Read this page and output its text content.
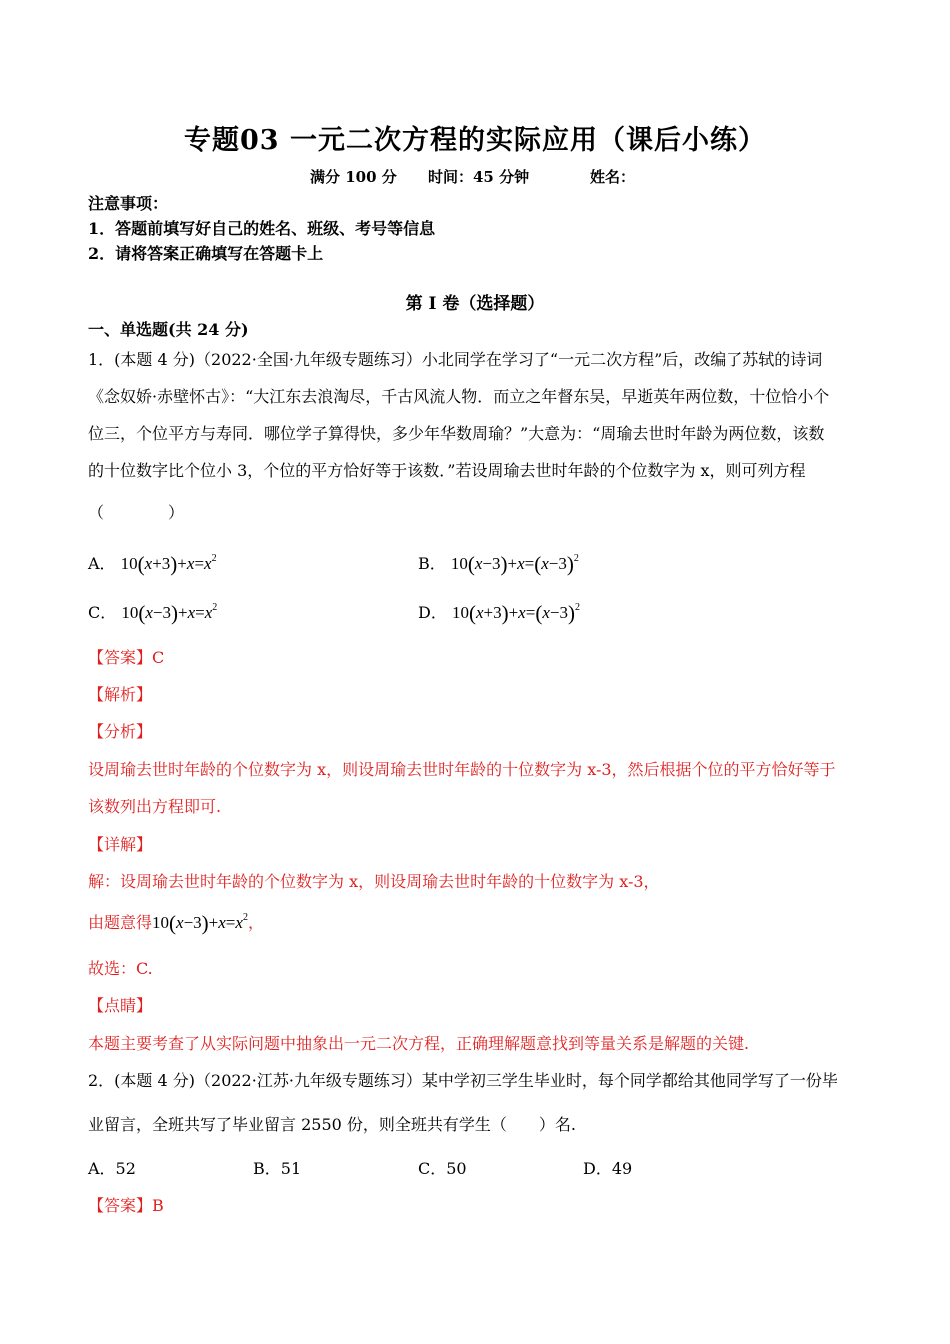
专题03 一元二次方程的实际应用（课后小练）
满分 100 分 时间：45 分钟	姓名：
注意事项：
1．答题前填写好自己的姓名、班级、考号等信息
2．请将答案正确填写在答题卡上
第 I 卷（选择题）
一、单选题(共 24 分)
1．(本题 4 分)（2022·全国·九年级专题练习）小北同学在学习了“一元二次方程”后，改编了苏轼的诗词
《念奴娇·赤壁怀古》：“大江东去浪淘尽，千古风流人物．而立之年督东吴，早逝英年两位数，十位恰小个
位三，个位平方与寿同．哪位学子算得快，多少年华数周瑜？”大意为：“周瑜去世时年龄为两位数，该数
的十位数字比个位小 3，个位的平方恰好等于该数．”若设周瑜去世时年龄的个位数字为 x，则可列方程
（　　　　）
A． $10(x+3)+x=x^2$	B． $10(x-3)+x=(x-3)^2$
C． $10(x-3)+x=x^2$	D． $10(x+3)+x=(x-3)^2$
【答案】C
【解析】
【分析】
设周瑜去世时年龄的个位数字为 x，则设周瑜去世时年龄的十位数字为 x-3，然后根据个位的平方恰好等于
该数列出方程即可.
【详解】
解：设周瑜去世时年龄的个位数字为 x，则设周瑜去世时年龄的十位数字为 x-3，
由题意得$10(x-3)+x=x^2$，
故选：C.
【点睛】
本题主要考查了从实际问题中抽象出一元二次方程，正确理解题意找到等量关系是解题的关键.
2．(本题 4 分)（2022·江苏·九年级专题练习）某中学初三学生毕业时，每个同学都给其他同学写了一份毕
业留言，全班共写了毕业留言 2550 份，则全班共有学生（　　）名.
A．52	B．51	C．50	D．49
【答案】B
